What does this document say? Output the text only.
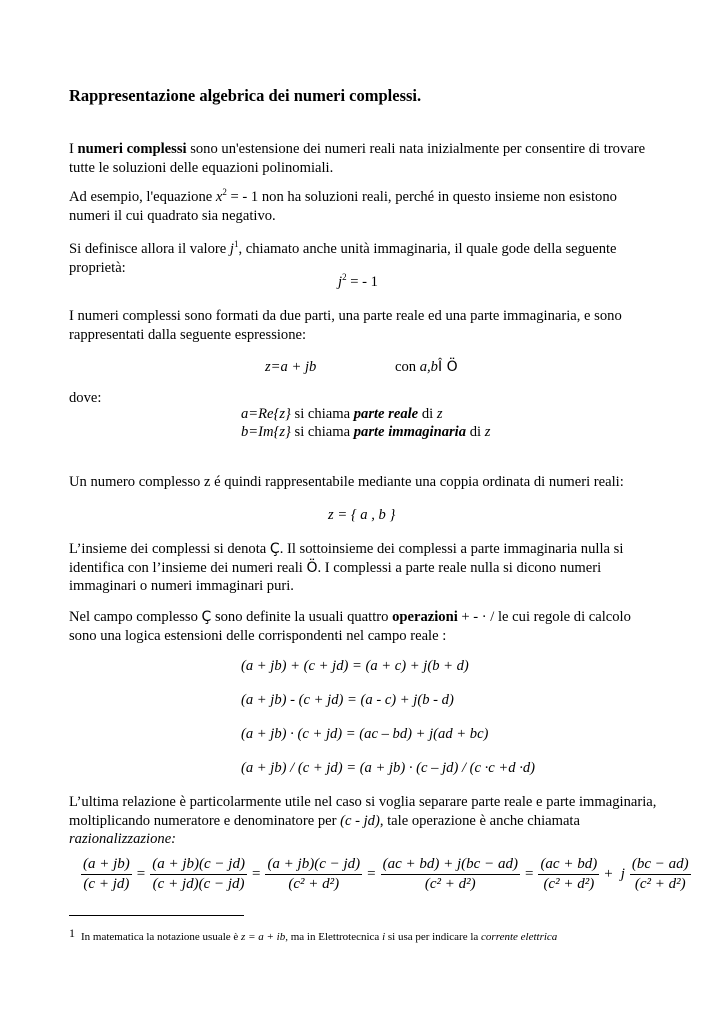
Rappresentazione algebrica dei numeri complessi.
I numeri complessi sono un'estensione dei numeri reali nata inizialmente per consentire di trovare tutte le soluzioni delle equazioni polinomiali.
Ad esempio, l'equazione $x^2$ = - 1 non ha soluzioni reali, perché in questo insieme non esistono numeri il cui quadrato sia negativo.
Si definisce allora il valore $j^1$, chiamato anche unità immaginaria, il quale gode della seguente proprietà:
$j^2$ = - 1
I numeri complessi sono formati da due parti, una parte reale ed una parte immaginaria, e sono rappresentati dalla seguente espressione:
z=a + jb	con a,bÎ Ö
dove:
a=Re{z} si chiama parte reale di z
b=Im{z} si chiama parte immaginaria di z
Un numero complesso z é quindi rappresentabile mediante una coppia ordinata di numeri reali:
z = { a , b }
L’insieme dei complessi si denota Ç. Il sottoinsieme dei complessi a parte immaginaria nulla si identifica con l’insieme dei numeri reali Ö. I complessi a parte reale nulla si dicono numeri immaginari o numeri immaginari puri.
Nel campo complesso Ç sono definite la usuali quattro operazioni + - · / le cui regole di calcolo sono una logica estensioni delle corrispondenti nel campo reale :
(a + jb) + (c + jd) = (a + c) + j(b + d)
(a + jb) - (c + jd) = (a - c) + j(b - d)
(a + jb) · (c + jd) = (ac – bd) + j(ad + bc)
(a + jb) / (c + jd) = (a + jb) · (c – jd) / (c ·c +d ·d)
L’ultima relazione è particolarmente utile nel caso si voglia separare parte reale e parte immaginaria, moltiplicando numeratore e denominatore per (c - jd), tale operazione è anche chiamata razionalizzazione:
$\frac{(a + jb)}{(c + jd)} = \frac{(a + jb)(c - jd)}{(c + jd)(c - jd)} = \frac{(a + jb)(c - jd)}{\text{(c² + d²)}} = \frac{(ac + bd) + j(bc - ad)}{\text{(c² + d²)}} = \frac{(ac + bd)}{\text{(c² + d²)}} + j \frac{(bc - ad)}{\text{(c² + d²)}}$
1 In matematica la notazione usuale è z = a + ib, ma in Elettrotecnica i si usa per indicare la corrente elettrica
